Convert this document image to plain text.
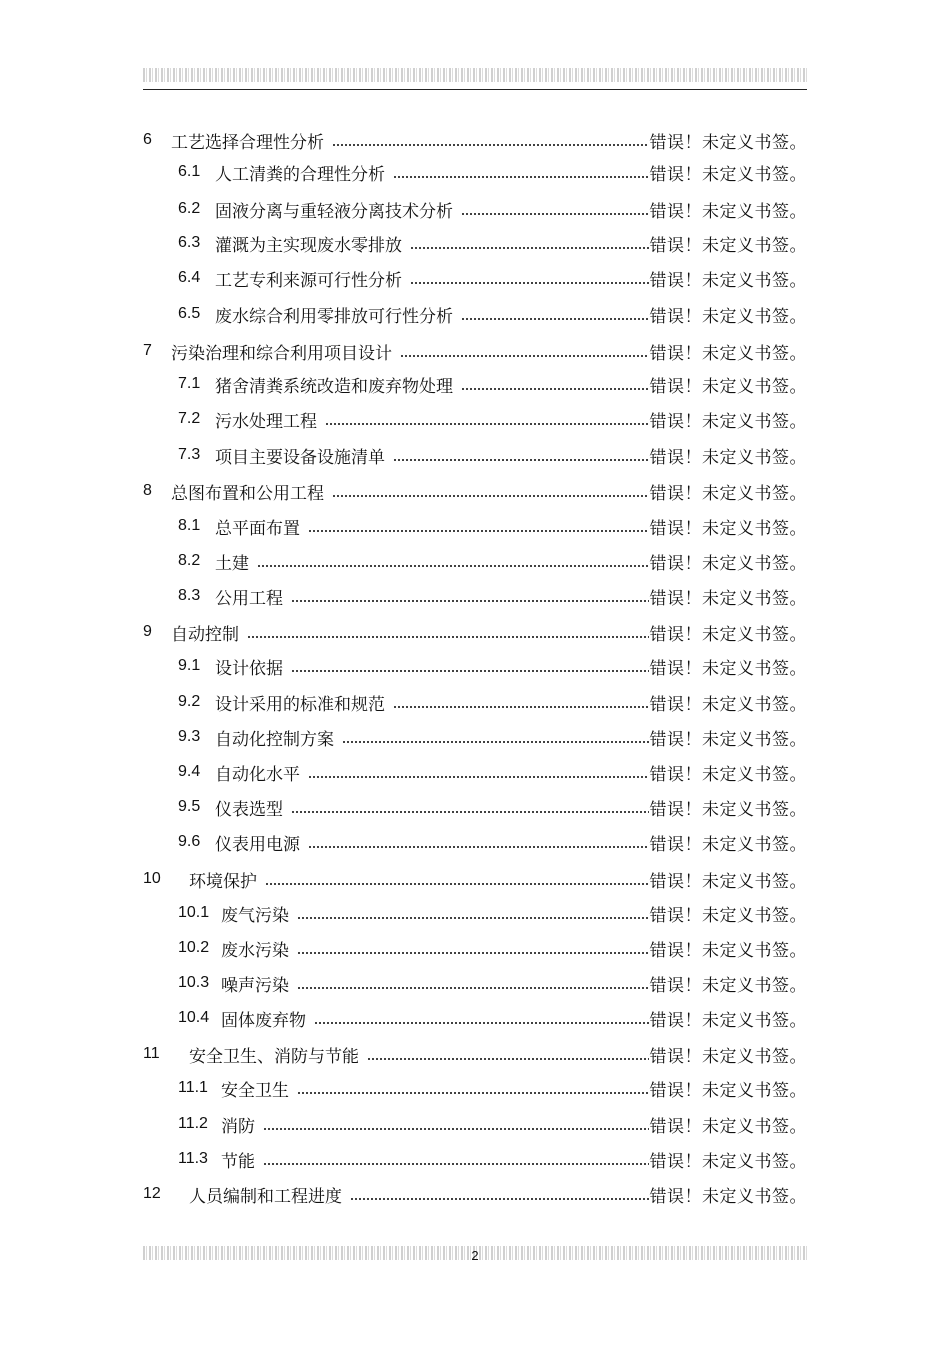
6	工艺选择合理性分析	错误！未定义书签。
6.1 人工清粪的合理性分析	错误！未定义书签。
6.2 固液分离与重轻液分离技术分析	错误！未定义书签。
6.3 灌溉为主实现废水零排放	错误！未定义书签。
6.4 工艺专利来源可行性分析	错误！未定义书签。
6.5 废水综合利用零排放可行性分析	错误！未定义书签。
7	污染治理和综合利用项目设计	错误！未定义书签。
7.1 猪舍清粪系统改造和废弃物处理	错误！未定义书签。
7.2 污水处理工程	错误！未定义书签。
7.3 项目主要设备设施清单	错误！未定义书签。
8	总图布置和公用工程	错误！未定义书签。
8.1 总平面布置	错误！未定义书签。
8.2 土建	错误！未定义书签。
8.3 公用工程	错误！未定义书签。
9	自动控制	错误！未定义书签。
9.1 设计依据	错误！未定义书签。
9.2 设计采用的标准和规范	错误！未定义书签。
9.3 自动化控制方案	错误！未定义书签。
9.4 自动化水平	错误！未定义书签。
9.5 仪表选型	错误！未定义书签。
9.6 仪表用电源	错误！未定义书签。
10	环境保护	错误！未定义书签。
10.1 废气污染	错误！未定义书签。
10.2 废水污染	错误！未定义书签。
10.3 噪声污染	错误！未定义书签。
10.4 固体废弃物	错误！未定义书签。
11	安全卫生、消防与节能	错误！未定义书签。
11.1 安全卫生	错误！未定义书签。
11.2 消防	错误！未定义书签。
11.3 节能	错误！未定义书签。
12	人员编制和工程进度	错误！未定义书签。
2
